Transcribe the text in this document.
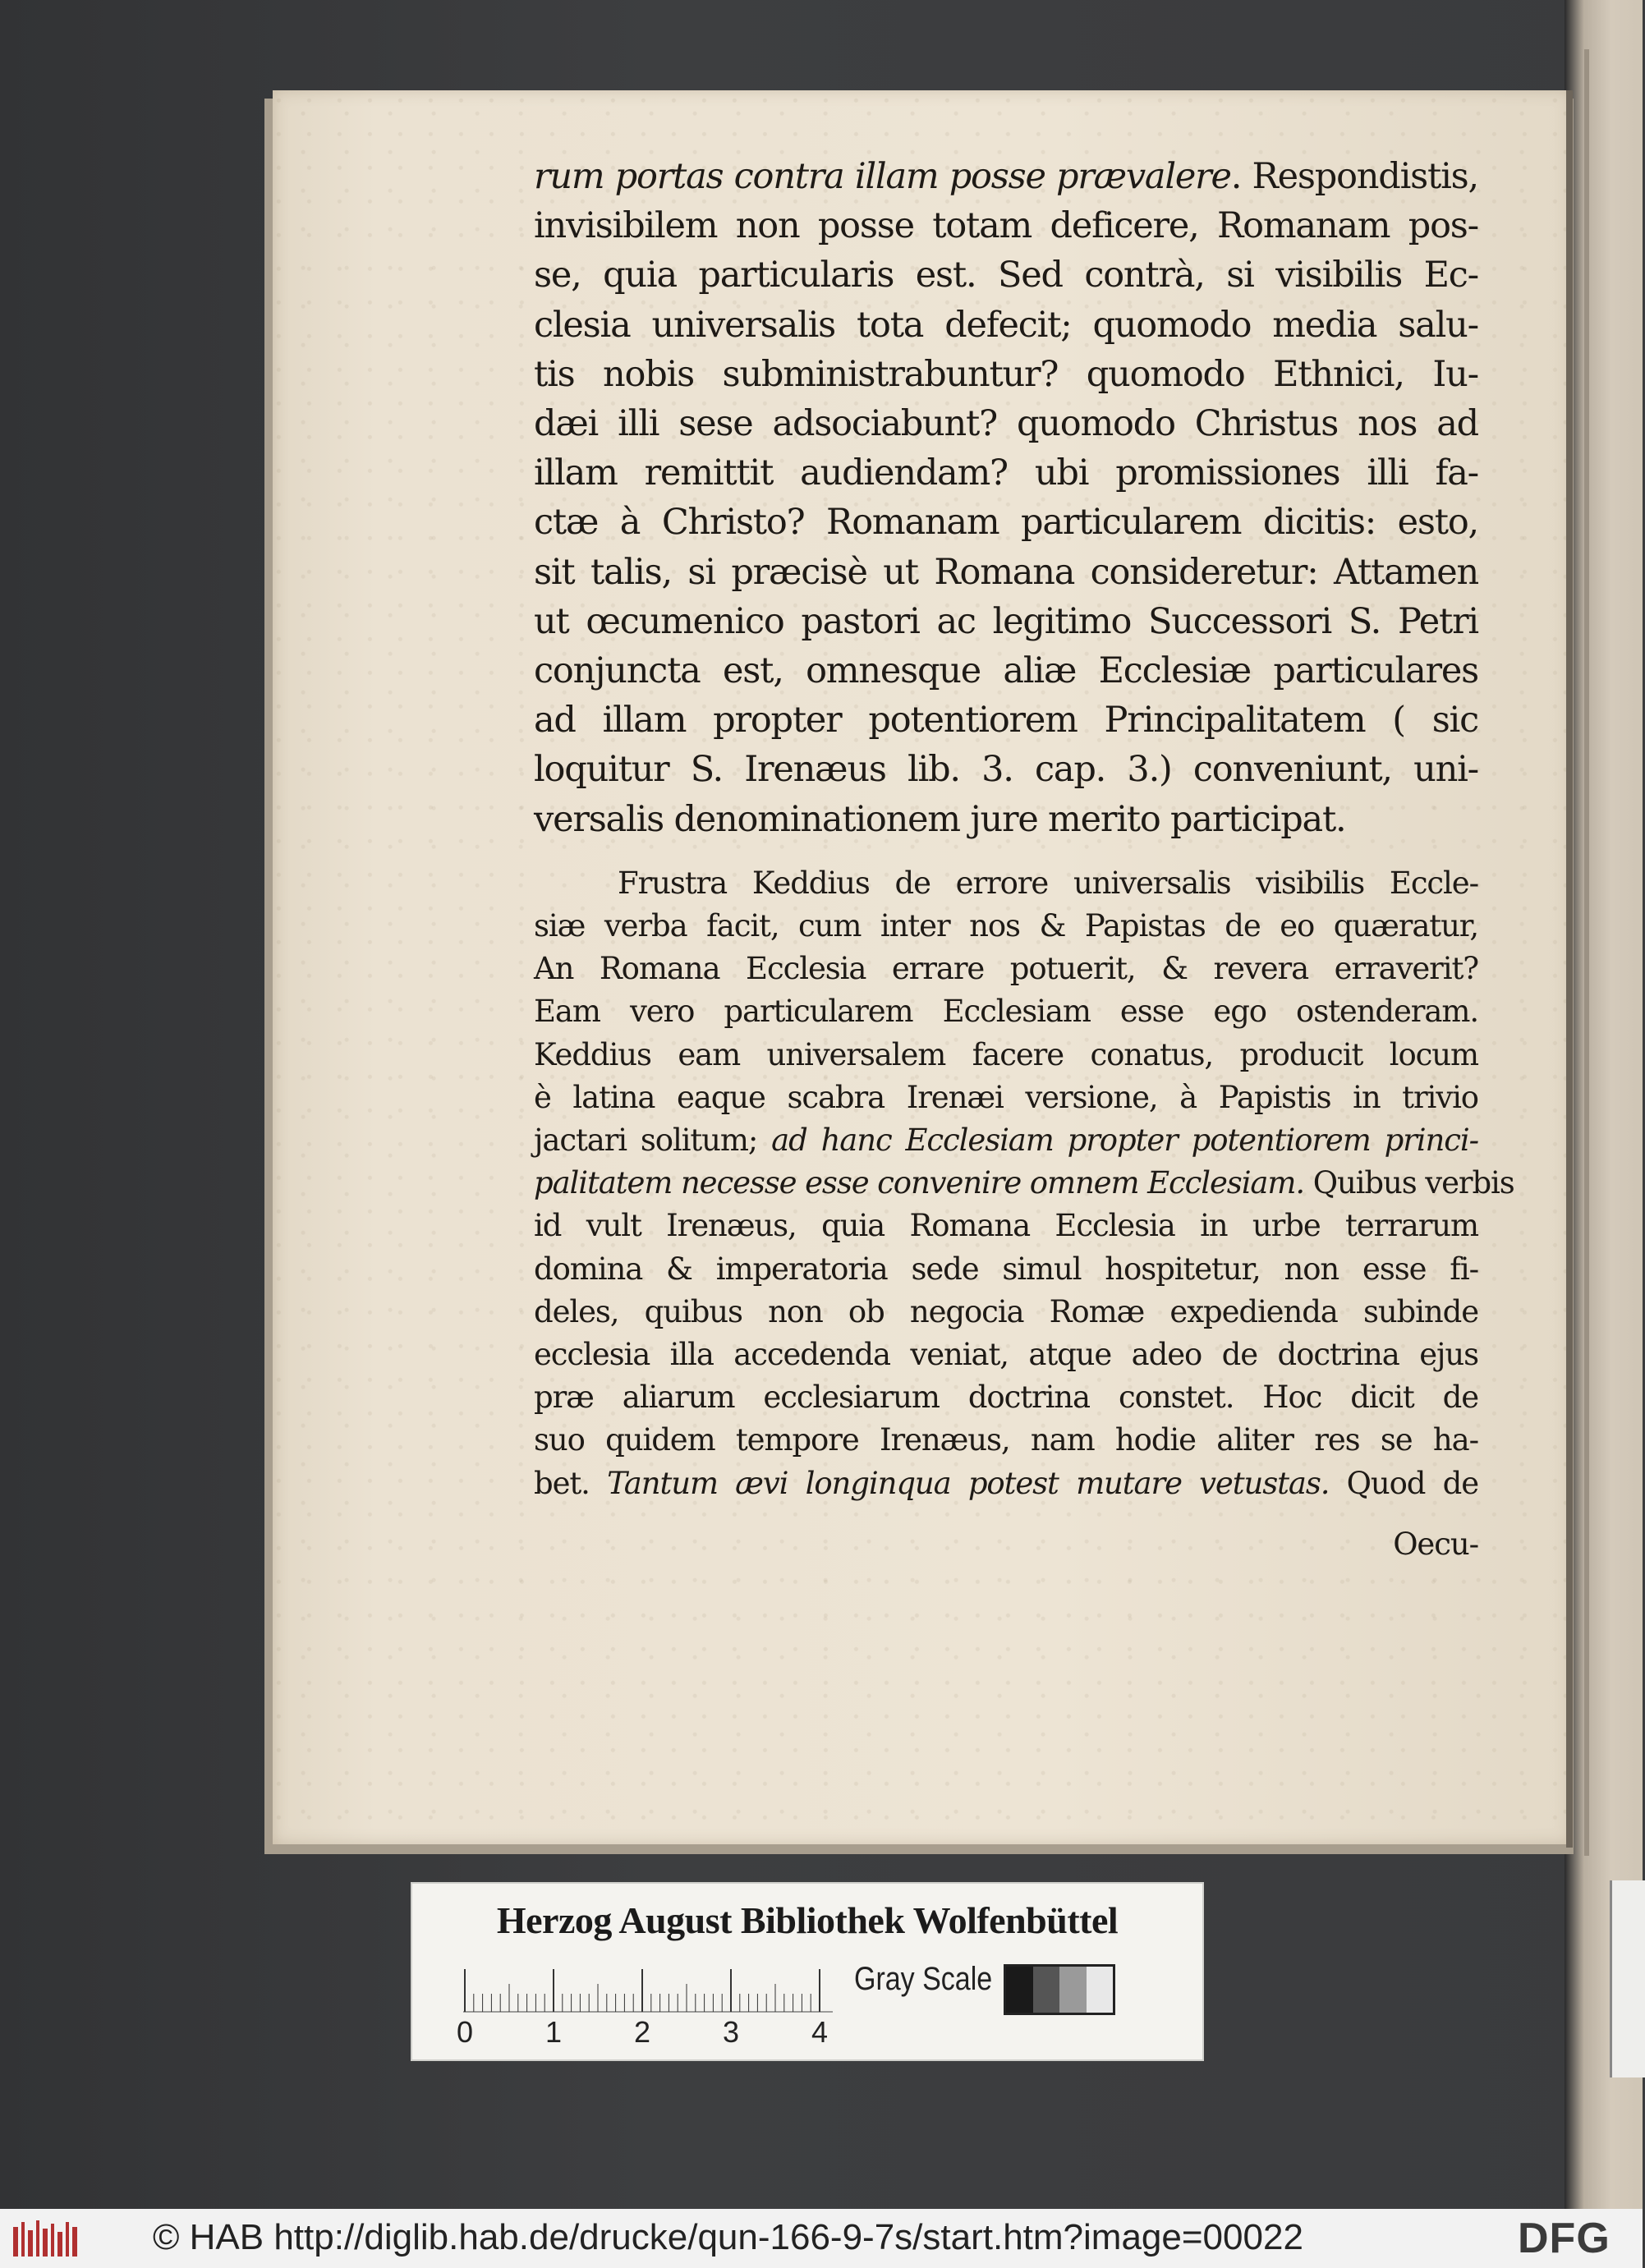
rum portas contra illam posse prævalere. Respondistis,
invisibilem non posse totam deficere, Romanam pos-
se, quia particularis est. Sed contrà, si visibilis Ec-
clesia universalis tota defecit; quomodo media salu-
tis nobis subministrabuntur? quomodo Ethnici, Iu-
dæi illi sese adsociabunt? quomodo Christus nos ad
illam remittit audiendam? ubi promissiones illi fa-
ctæ à Christo? Romanam particularem dicitis: esto,
sit talis, si præcisè ut Romana consideretur: Attamen
ut œcumenico pastori ac legitimo Successori S. Petri
conjuncta est, omnesque aliæ Ecclesiæ particulares
ad illam propter potentiorem Principalitatem ( sic
loquitur S. Irenæus lib. 3. cap. 3.) conveniunt, uni-
versalis denominationem jure merito participat.
Frustra Keddius de errore universalis visibilis Eccle-
siæ verba facit, cum inter nos & Papistas de eo quæratur,
An Romana Ecclesia errare potuerit, & revera erraverit?
Eam vero particularem Ecclesiam esse ego ostenderam.
Keddius eam universalem facere conatus, producit locum
è latina eaque scabra Irenæi versione, à Papistis in trivio
jactari solitum; ad hanc Ecclesiam propter potentiorem princi-
palitatem necesse esse convenire omnem Ecclesiam. Quibus verbis
id vult Irenæus, quia Romana Ecclesia in urbe terrarum
domina & imperatoria sede simul hospitetur, non esse fi-
deles, quibus non ob negocia Romæ expedienda subinde
ecclesia illa accedenda veniat, atque adeo de doctrina ejus
præ aliarum ecclesiarum doctrina constet. Hoc dicit de
suo quidem tempore Irenæus, nam hodie aliter res se ha-
bet. Tantum ævi longinqua potest mutare vetustas. Quod de
Oecu-
Herzog August Bibliothek Wolfenbüttel
0 1 2 3 4
Gray Scale
© HAB http://diglib.hab.de/drucke/qun-166-9-7s/start.htm?image=00022	DFG
